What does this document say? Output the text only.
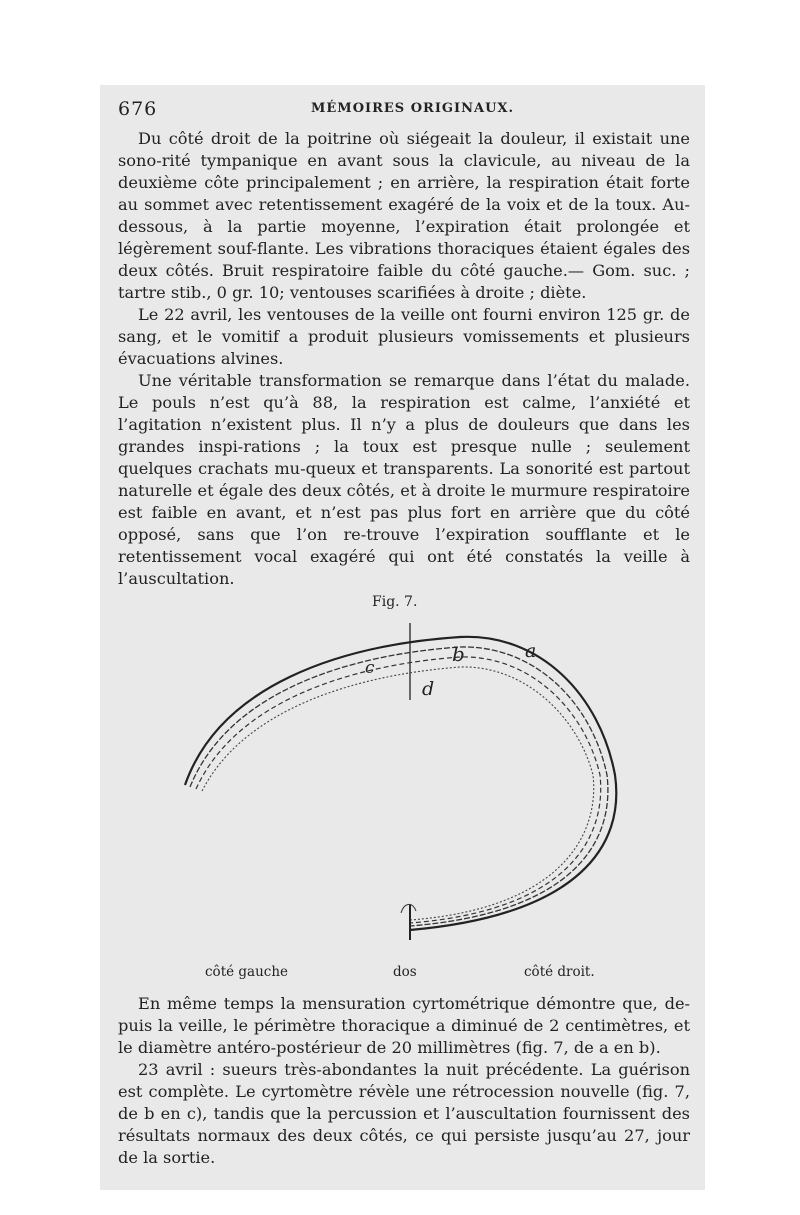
676	MÉMOIRES ORIGINAUX.

Du côté droit de la poitrine où siégeait la douleur, il existait une sono-rité tympanique en avant sous la clavicule, au niveau de la deuxième côte principalement ; en arrière, la respiration était forte au sommet avec retentissement exagéré de la voix et de la toux. Au-dessous, à la partie moyenne, l’expiration était prolongée et légèrement souf-flante. Les vibrations thoraciques étaient égales des deux côtés. Bruit respiratoire faible du côté gauche.— Gom. suc. ; tartre stib., 0 gr. 10; ventouses scarifiées à droite ; diète.

Le 22 avril, les ventouses de la veille ont fourni environ 125 gr. de sang, et le vomitif a produit plusieurs vomissements et plusieurs évacuations alvines.

Une véritable transformation se remarque dans l’état du malade. Le pouls n’est qu’à 88, la respiration est calme, l’anxiété et l’agitation n’existent plus. Il n’y a plus de douleurs que dans les grandes inspi-rations ; la toux est presque nulle ; seulement quelques crachats mu-queux et transparents. La sonorité est partout naturelle et égale des deux côtés, et à droite le murmure respiratoire est faible en avant, et n’est pas plus fort en arrière que du côté opposé, sans que l’on re-trouve l’expiration soufflante et le retentissement vocal exagéré qui ont été constatés la veille à l’auscultation.

Fig. 7.
c
b	a
d
côté gauche	dos	côté droit.

En même temps la mensuration cyrtométrique démontre que, de-puis la veille, le périmètre thoracique a diminué de 2 centimètres, et le diamètre antéro-postérieur de 20 millimètres (fig. 7, de a en b).

23 avril : sueurs très-abondantes la nuit précédente. La guérison est complète. Le cyrtomètre révèle une rétrocession nouvelle (fig. 7, de b en c), tandis que la percussion et l’auscultation fournissent des résultats normaux des deux côtés, ce qui persiste jusqu’au 27, jour de la sortie.
